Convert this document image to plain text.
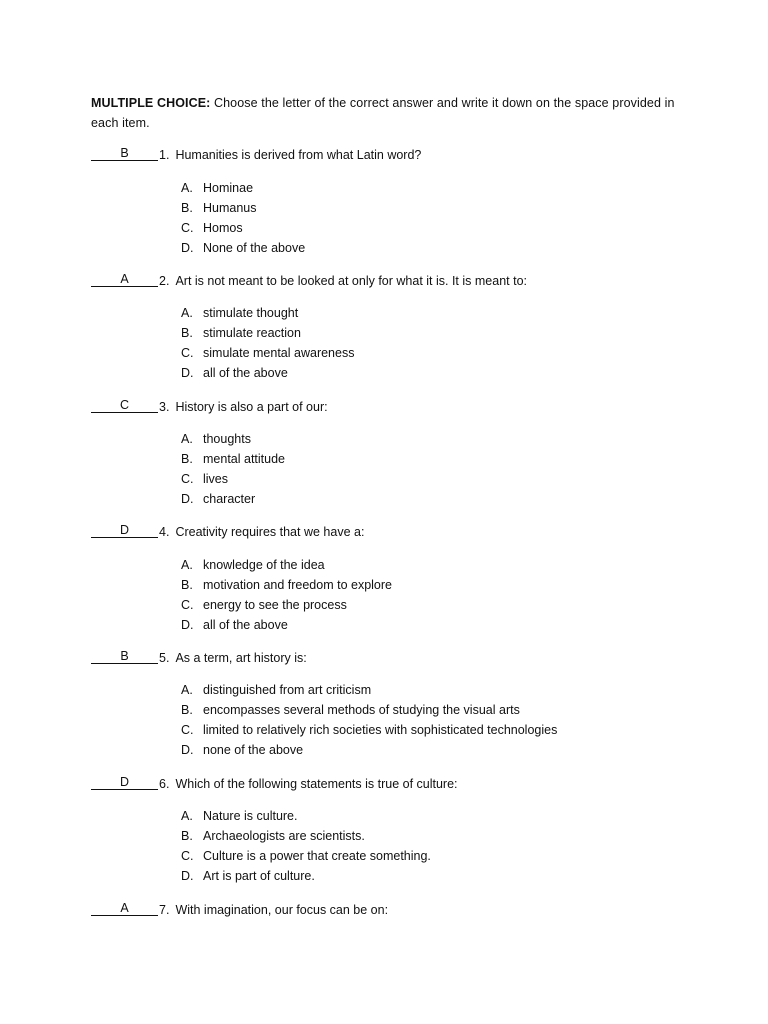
MULTIPLE CHOICE: Choose the letter of the correct answer and write it down on the space provided in each item.
B 1. Humanities is derived from what Latin word?
A. Hominae
B. Humanus
C. Homos
D. None of the above
A 2. Art is not meant to be looked at only for what it is. It is meant to:
A. stimulate thought
B. stimulate reaction
C. simulate mental awareness
D. all of the above
C 3. History is also a part of our:
A. thoughts
B. mental attitude
C. lives
D. character
D 4. Creativity requires that we have a:
A. knowledge of the idea
B. motivation and freedom to explore
C. energy to see the process
D. all of the above
B 5. As a term, art history is:
A. distinguished from art criticism
B. encompasses several methods of studying the visual arts
C. limited to relatively rich societies with sophisticated technologies
D. none of the above
D 6. Which of the following statements is true of culture:
A. Nature is culture.
B. Archaeologists are scientists.
C. Culture is a power that create something.
D. Art is part of culture.
A 7. With imagination, our focus can be on:
